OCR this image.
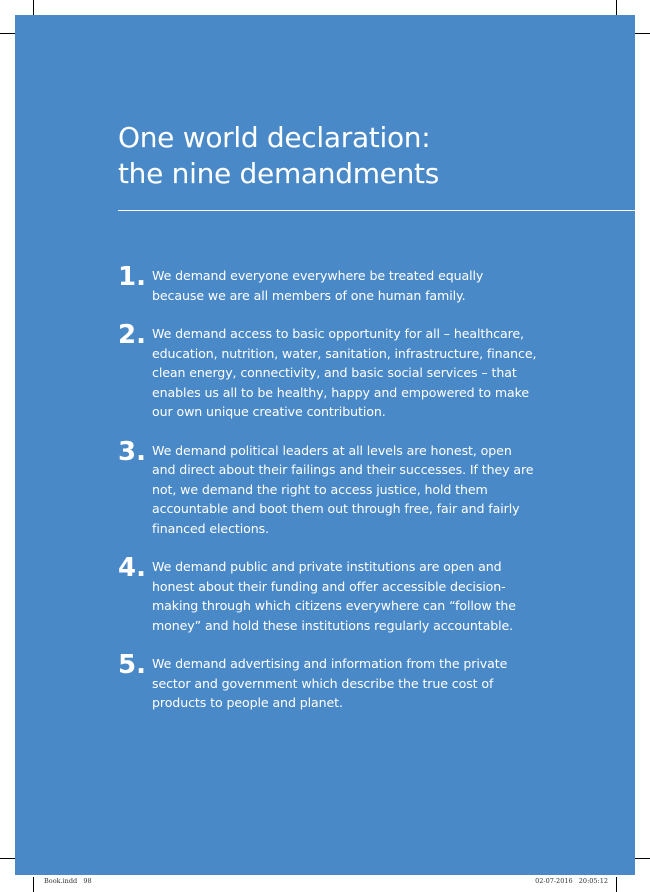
One world declaration:
the nine demandments
1. We demand everyone everywhere be treated equally because we are all members of one human family.
2. We demand access to basic opportunity for all – healthcare, education, nutrition, water, sanitation, infrastructure, finance, clean energy, connectivity, and basic social services – that enables us all to be healthy, happy and empowered to make our own unique creative contribution.
3. We demand political leaders at all levels are honest, open and direct about their failings and their successes. If they are not, we demand the right to access justice, hold them accountable and boot them out through free, fair and fairly financed elections.
4. We demand public and private institutions are open and honest about their funding and offer accessible decision-making through which citizens everywhere can “follow the money” and hold these institutions regularly accountable.
5. We demand advertising and information from the private sector and government which describe the true cost of products to people and planet.
Book.indd   98	02-07-2016   20:05:12
